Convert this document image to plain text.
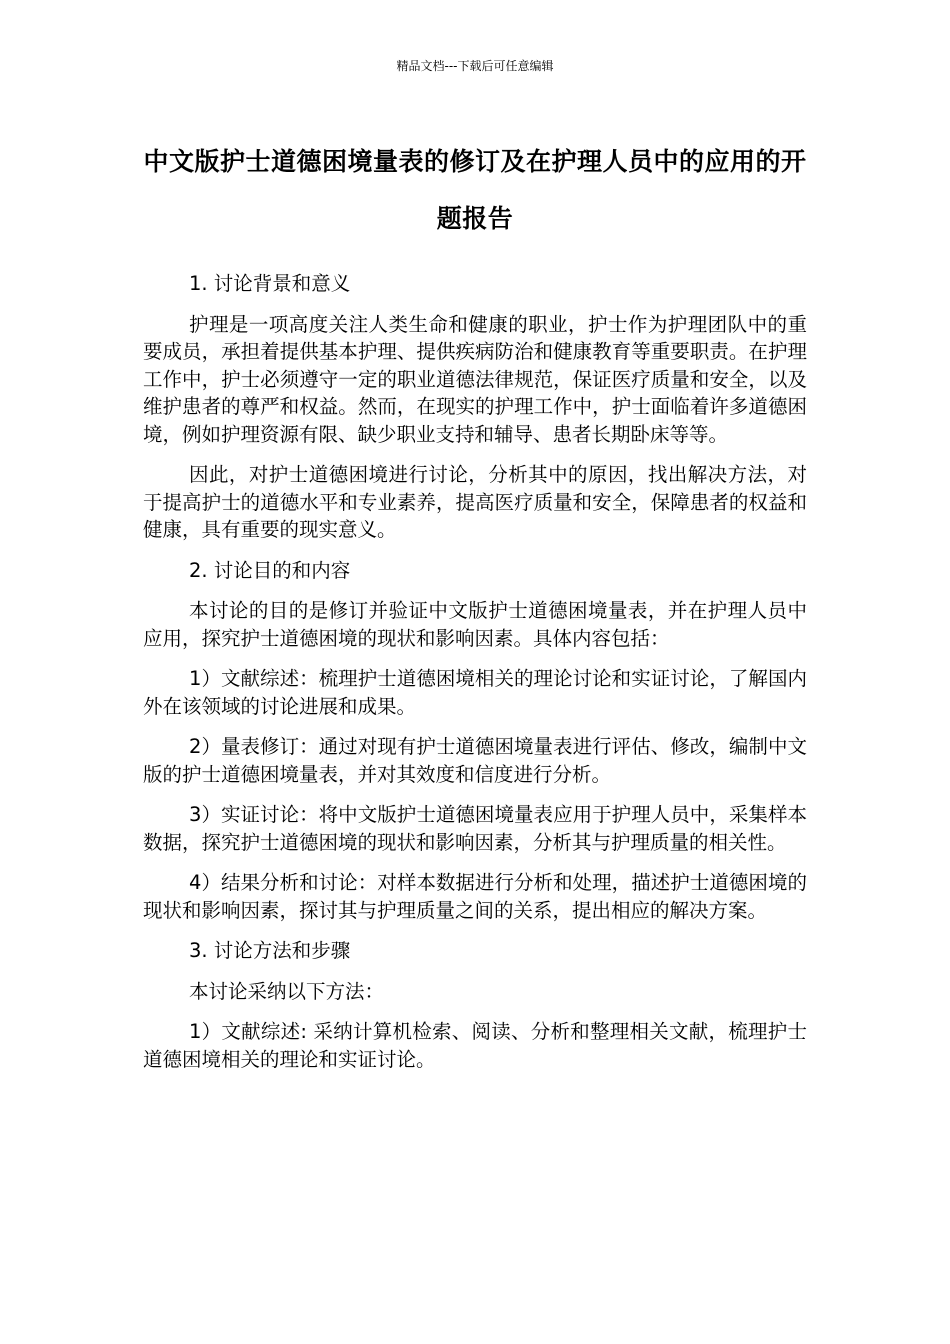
精品文档---下载后可任意编辑
中文版护士道德困境量表的修订及在护理人员中的应用的开题报告

1. 讨论背景和意义

护理是一项高度关注人类生命和健康的职业，护士作为护理团队中的重要成员，承担着提供基本护理、提供疾病防治和健康教育等重要职责。在护理工作中，护士必须遵守一定的职业道德法律规范，保证医疗质量和安全，以及维护患者的尊严和权益。然而，在现实的护理工作中，护士面临着许多道德困境，例如护理资源有限、缺少职业支持和辅导、患者长期卧床等等。

因此，对护士道德困境进行讨论，分析其中的原因，找出解决方法，对于提高护士的道德水平和专业素养，提高医疗质量和安全，保障患者的权益和健康，具有重要的现实意义。

2. 讨论目的和内容

本讨论的目的是修订并验证中文版护士道德困境量表，并在护理人员中应用，探究护士道德困境的现状和影响因素。具体内容包括：

1）文献综述：梳理护士道德困境相关的理论讨论和实证讨论，了解国内外在该领域的讨论进展和成果。

2）量表修订：通过对现有护士道德困境量表进行评估、修改，编制中文版的护士道德困境量表，并对其效度和信度进行分析。

3）实证讨论：将中文版护士道德困境量表应用于护理人员中，采集样本数据，探究护士道德困境的现状和影响因素，分析其与护理质量的相关性。

4）结果分析和讨论：对样本数据进行分析和处理，描述护士道德困境的现状和影响因素，探讨其与护理质量之间的关系，提出相应的解决方案。

3. 讨论方法和步骤

本讨论采纳以下方法：

1）文献综述: 采纳计算机检索、阅读、分析和整理相关文献，梳理护士道德困境相关的理论和实证讨论。
